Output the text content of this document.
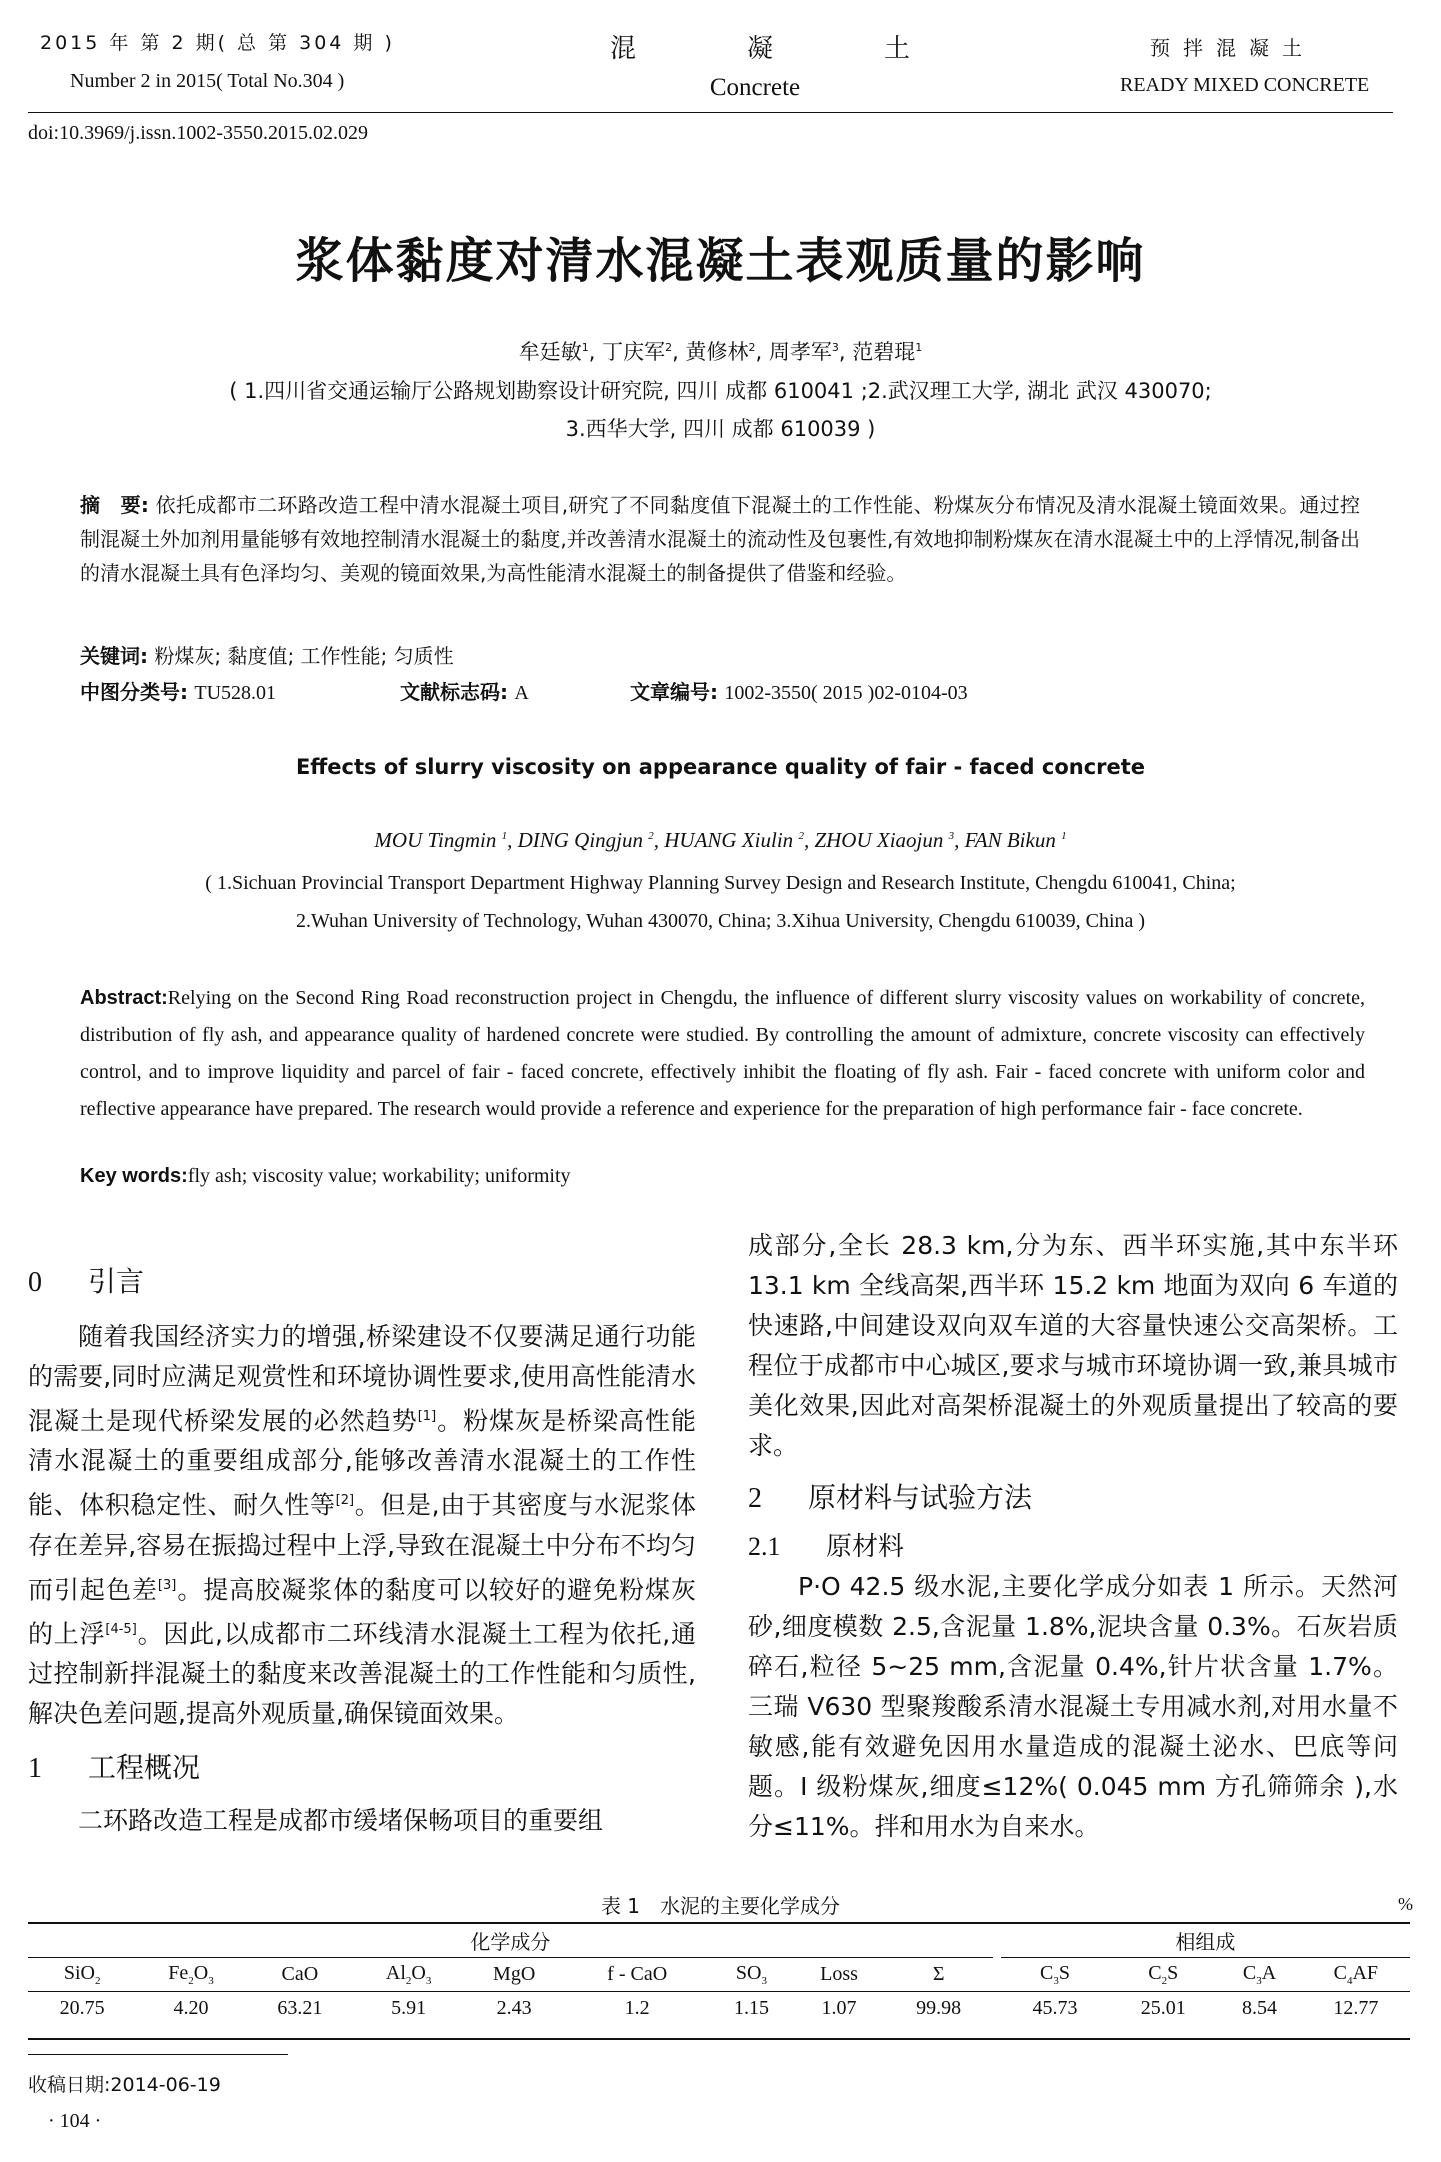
2015 年 第 2 期( 总 第 304 期 )
Number 2 in 2015( Total No.304 )
混	凝	土
Concrete
预拌混凝土
READY MIXED CONCRETE
doi:10.3969/j.issn.1002-3550.2015.02.029
浆体黏度对清水混凝土表观质量的影响
牟廷敏$^1$, 丁庆军$^2$, 黄修林$^2$, 周孝军$^3$, 范碧琨$^1$
( 1.四川省交通运输厅公路规划勘察设计研究院, 四川 成都 610041 ;2.武汉理工大学, 湖北 武汉 430070;
3.西华大学, 四川 成都 610039 )
摘　要: 依托成都市二环路改造工程中清水混凝土项目,研究了不同黏度值下混凝土的工作性能、粉煤灰分布情况及清水混凝土镜面效果。通过控制混凝土外加剂用量能够有效地控制清水混凝土的黏度,并改善清水混凝土的流动性及包裹性,有效地抑制粉煤灰在清水混凝土中的上浮情况,制备出的清水混凝土具有色泽均匀、美观的镜面效果,为高性能清水混凝土的制备提供了借鉴和经验。
关键词: 粉煤灰; 黏度值; 工作性能; 匀质性
中图分类号: TU528.01	文献标志码: A	文章编号: 1002-3550( 2015 )02-0104-03
Effects of slurry viscosity on appearance quality of fair - faced concrete
MOU Tingmin $^1$, DING Qingjun $^2$, HUANG Xiulin $^2$, ZHOU Xiaojun $^3$, FAN Bikun $^1$
( 1.Sichuan Provincial Transport Department Highway Planning Survey Design and Research Institute, Chengdu 610041, China;
2.Wuhan University of Technology, Wuhan 430070, China; 3.Xihua University, Chengdu 610039, China )
Abstract:Relying on the Second Ring Road reconstruction project in Chengdu, the influence of different slurry viscosity values on workability of concrete, distribution of fly ash, and appearance quality of hardened concrete were studied. By controlling the amount of admixture, concrete viscosity can effectively control, and to improve liquidity and parcel of fair - faced concrete, effectively inhibit the floating of fly ash. Fair - faced concrete with uniform color and reflective appearance have prepared. The research would provide a reference and experience for the preparation of high performance fair - face concrete.
Key words:fly ash; viscosity value; workability; uniformity
0 引言
随着我国经济实力的增强,桥梁建设不仅要满足通行功能的需要,同时应满足观赏性和环境协调性要求,使用高性能清水混凝土是现代桥梁发展的必然趋势[1]。粉煤灰是桥梁高性能清水混凝土的重要组成部分,能够改善清水混凝土的工作性能、体积稳定性、耐久性等[2]。但是,由于其密度与水泥浆体存在差异,容易在振捣过程中上浮,导致在混凝土中分布不均匀而引起色差[3]。提高胶凝浆体的黏度可以较好的避免粉煤灰的上浮[4-5]。因此,以成都市二环线清水混凝土工程为依托,通过控制新拌混凝土的黏度来改善混凝土的工作性能和匀质性,解决色差问题,提高外观质量,确保镜面效果。
1 工程概况
二环路改造工程是成都市缓堵保畅项目的重要组
成部分,全长 28.3 km,分为东、西半环实施,其中东半环 13.1 km 全线高架,西半环 15.2 km 地面为双向 6 车道的快速路,中间建设双向双车道的大容量快速公交高架桥。工程位于成都市中心城区,要求与城市环境协调一致,兼具城市美化效果,因此对高架桥混凝土的外观质量提出了较高的要求。
2 原材料与试验方法
2.1 原材料
P·O 42.5 级水泥,主要化学成分如表 1 所示。天然河砂,细度模数 2.5,含泥量 1.8%,泥块含量 0.3%。石灰岩质碎石,粒径 5~25 mm,含泥量 0.4%,针片状含量 1.7%。三瑞 V630 型聚羧酸系清水混凝土专用减水剂,对用水量不敏感,能有效避免因用水量造成的混凝土泌水、巴底等问题。I 级粉煤灰,细度≤12%( 0.045 mm 方孔筛筛余 ),水分≤11%。拌和用水为自来水。
表 1　水泥的主要化学成分	%
化学成分										相组成			
SiO$_2$	$Fe_2O_3$	CaO	$Al_2O_3$	MgO	f - CaO	$SO_3$	Loss	Σ		$C_3S$	$C_2S$	$C_3A$	$C_4AF$
20.75	4.20	63.21	5.91	2.43	1.2	1.15	1.07	99.98		45.73	25.01	8.54	12.77
收稿日期:2014-06-19
· 104 ·
